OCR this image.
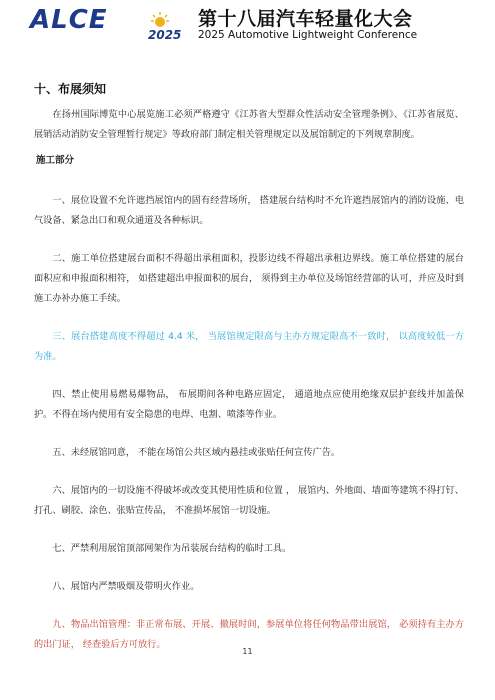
ALCE	2025
第十八届汽车轻量化大会
2025 Automotive Lightweight Conference
十、布展须知

在扬州国际博览中心展览施工必须严格遵守《江苏省大型群众性活动安全管理条例》、《江苏省展览、展销活动消防安全管理暂行规定》等政府部门制定相关管理规定以及展馆制定的下列规章制度。

施工部分

一、展位设置不允许遮挡展馆内的固有经营场所， 搭建展台结构时不允许遮挡展馆内的消防设施、电气设备、紧急出口和观众通道及各种标识。

二、施工单位搭建展台面积不得超出承租面积，投影边线不得超出承租边界线。施工单位搭建的展台面积应和申报面积相符， 如搭建超出申报面积的展台， 须得到主办单位及场馆经营部的认可，并应及时到施工办补办施工手续。

三、展台搭建高度不得超过 4.4 米， 当展馆规定限高与主办方规定限高不一致时， 以高度较低一方为准。

四、禁止使用易燃易爆物品， 布展期间各种电路应固定， 通道地点应使用绝缘双层护套线并加盖保护。不得在场内使用有安全隐患的电焊、电割、喷漆等作业。

五、未经展馆同意， 不能在场馆公共区域内悬挂或张贴任何宣传广告。

六、展馆内的一切设施不得破坏或改变其使用性质和位置 ， 展馆内、外地面、墙面等建筑不得打钉、打孔、刷胶、涂色、张贴宣传品， 不准损坏展馆一切设施。

七、严禁利用展馆顶部网架作为吊装展台结构的临时工具。

八、展馆内严禁吸烟及带明火作业。

九、物品出馆管理：非正常布展、开展、撤展时间，参展单位将任何物品带出展馆， 必须持有主办方的出门证， 经查验后方可放行。

11
